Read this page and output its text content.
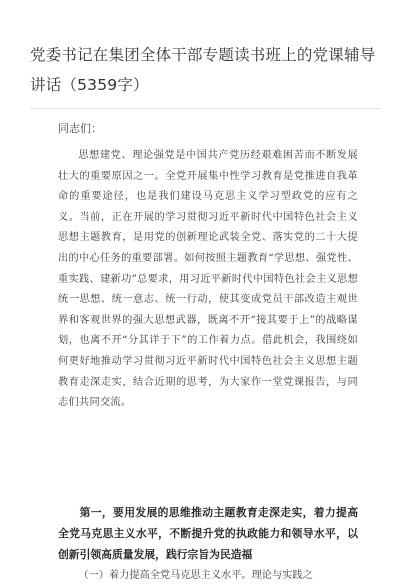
党委书记在集团全体干部专题读书班上的党课辅导讲话（5359字）
同志们：

思想建党、理论强党是中国共产党历经艰难困苦而不断发展壮大的重要原因之一。全党开展集中性学习教育是党推进自我革命的重要途径，也是我们建设马克思主义学习型政党的应有之义。当前，正在开展的学习贯彻习近平新时代中国特色社会主义思想主题教育，是用党的创新理论武装全党、落实党的二十大提出的中心任务的重要部署。如何按照主题教育“学思想、强党性、重实践、建新功”总要求，用习近平新时代中国特色社会主义思想统一思想、统一意志、统一行动，使其变成党员干部改造主观世界和客观世界的强大思想武器，既离不开“接其要于上”的战略谋划，也离不开“分其详于下”的工作着力点。借此机会，我围绕如何更好地推动学习贯彻习近平新时代中国特色社会主义思想主题教育走深走实，结合近期的思考，为大家作一堂党课报告，与同志们共同交流。

第一，要用发展的思维推动主题教育走深走实，着力提高全党马克思主义水平，不断提升党的执政能力和领导水平，以创新引领高质量发展，践行宗旨为民造福

（一）着力提高全党马克思主义水平。理论与实践之
